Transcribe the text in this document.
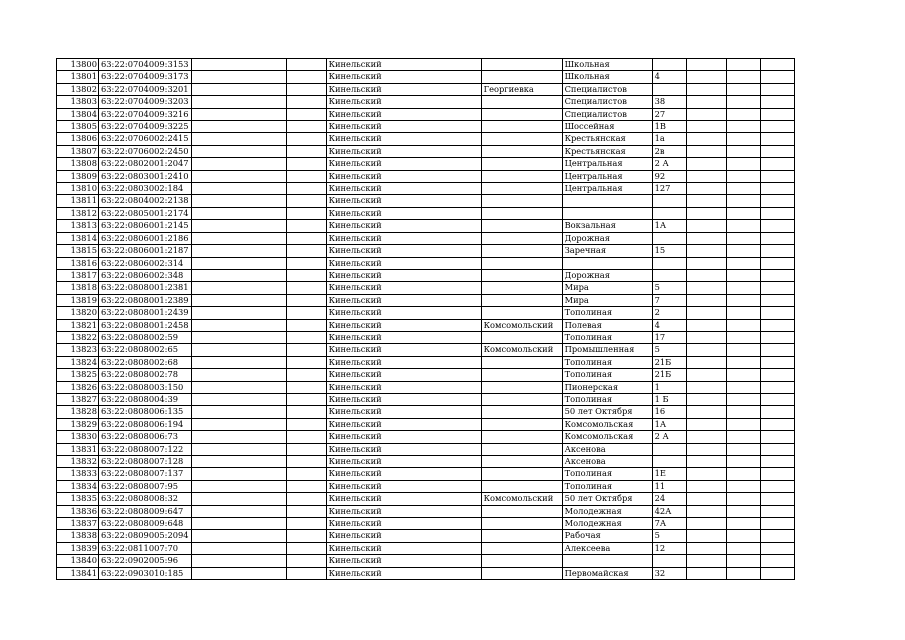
13800	63:22:0704009:3153			Кинельский		Школьная				
13801	63:22:0704009:3173			Кинельский		Школьная	4			
13802	63:22:0704009:3201			Кинельский	Георгиевка	Специалистов				
13803	63:22:0704009:3203			Кинельский		Специалистов	38			
13804	63:22:0704009:3216			Кинельский		Специалистов	27			
13805	63:22:0704009:3225			Кинельский		Шоссейная	1В			
13806	63:22:0706002:2415			Кинельский		Крестьянская	1а			
13807	63:22:0706002:2450			Кинельский		Крестьянская	2в			
13808	63:22:0802001:2047			Кинельский		Центральная	2 А			
13809	63:22:0803001:2410			Кинельский		Центральная	92			
13810	63:22:0803002:184			Кинельский		Центральная	127			
13811	63:22:0804002:2138			Кинельский						
13812	63:22:0805001:2174			Кинельский						
13813	63:22:0806001:2145			Кинельский		Вокзальная	1А			
13814	63:22:0806001:2186			Кинельский		Дорожная				
13815	63:22:0806001:2187			Кинельский		Заречная	15			
13816	63:22:0806002:314			Кинельский						
13817	63:22:0806002:348			Кинельский		Дорожная				
13818	63:22:0808001:2381			Кинельский		Мира	5			
13819	63:22:0808001:2389			Кинельский		Мира	7			
13820	63:22:0808001:2439			Кинельский		Тополиная	2			
13821	63:22:0808001:2458			Кинельский	Комсомольский	Полевая	4			
13822	63:22:0808002:59			Кинельский		Тополиная	17			
13823	63:22:0808002:65			Кинельский	Комсомольский	Промышленная	5			
13824	63:22:0808002:68			Кинельский		Тополиная	21Б			
13825	63:22:0808002:78			Кинельский		Тополиная	21Б			
13826	63:22:0808003:150			Кинельский		Пионерская	1			
13827	63:22:0808004:39			Кинельский		Тополиная	1 Б			
13828	63:22:0808006:135			Кинельский		50 лет Октября	16			
13829	63:22:0808006:194			Кинельский		Комсомольская	1А			
13830	63:22:0808006:73			Кинельский		Комсомольская	2 А			
13831	63:22:0808007:122			Кинельский		Аксенова				
13832	63:22:0808007:128			Кинельский		Аксенова				
13833	63:22:0808007:137			Кинельский		Тополиная	1Е			
13834	63:22:0808007:95			Кинельский		Тополиная	11			
13835	63:22:0808008:32			Кинельский	Комсомольский	50 лет Октября	24			
13836	63:22:0808009:647			Кинельский		Молодежная	42А			
13837	63:22:0808009:648			Кинельский		Молодежная	7А			
13838	63:22:0809005:2094			Кинельский		Рабочая	5			
13839	63:22:0811007:70			Кинельский		Алексеева	12			
13840	63:22:0902005:96			Кинельский						
13841	63:22:0903010:185			Кинельский		Первомайская	32			
